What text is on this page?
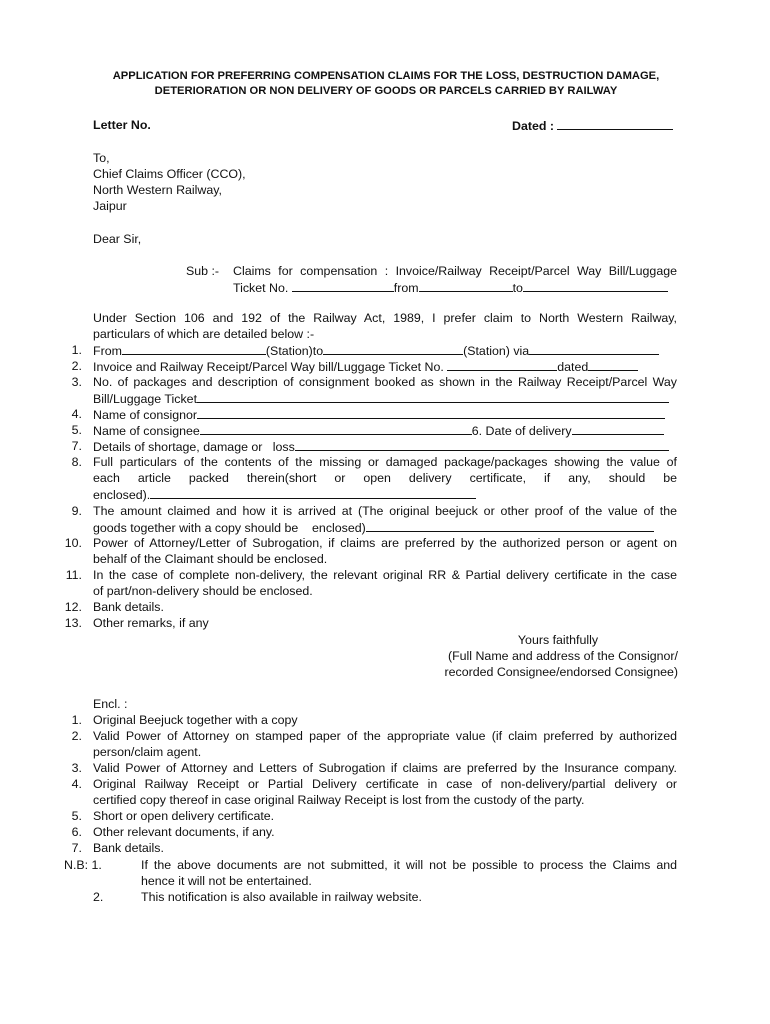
APPLICATION FOR PREFERRING COMPENSATION CLAIMS FOR THE LOSS, DESTRUCTION DAMAGE,
DETERIORATION OR NON DELIVERY OF GOODS OR PARCELS CARRIED BY RAILWAY
Letter No.	Dated :
To,
Chief Claims Officer (CCO),
North Western Railway,
Jaipur
Dear Sir,
Sub :- Claims for compensation : Invoice/Railway Receipt/Parcel Way Bill/Luggage
Ticket No.	from	to
Under Section 106 and 192 of the Railway Act, 1989, I prefer claim to North Western Railway,
particulars of which are detailed below :-
1. From	(Station)to	(Station) via
2. Invoice and Railway Receipt/Parcel Way bill/Luggage Ticket No.	dated
3. No. of packages and description of consignment booked as shown in the Railway Receipt/Parcel Way
Bill/Luggage Ticket
4. Name of consignor
5. Name of consignee	6. Date of delivery
7. Details of shortage, damage or   loss
8. Full particulars of the contents of the missing or damaged package/packages showing the value of
each article packed therein(short or open delivery certificate, if any, should be
enclosed).
9. The amount claimed and how it is arrived at (The original beejuck or other proof of the value of the
goods together with a copy should be    enclosed)
10. Power of Attorney/Letter of Subrogation, if claims are preferred by the authorized person or agent on
behalf of the Claimant should be enclosed.
11. In the case of complete non-delivery, the relevant original RR & Partial delivery certificate in the case
of part/non-delivery should be enclosed.
12. Bank details.
13. Other remarks, if any
Yours faithfully
(Full Name and address of the Consignor/
recorded Consignee/endorsed Consignee)
Encl. :
1. Original Beejuck together with a copy
2. Valid Power of Attorney on stamped paper of the appropriate value (if claim preferred by authorized
person/claim agent.
3. Valid Power of Attorney and Letters of Subrogation if claims are preferred by the Insurance company.
4. Original Railway Receipt or Partial Delivery certificate in case of non-delivery/partial delivery or
certified copy thereof in case original Railway Receipt is lost from the custody of the party.
5. Short or open delivery certificate.
6. Other relevant documents, if any.
7. Bank details.
N.B: 1.	If the above documents are not submitted, it will not be possible to process the Claims and
hence it will not be entertained.
2.	This notification is also available in railway website.
